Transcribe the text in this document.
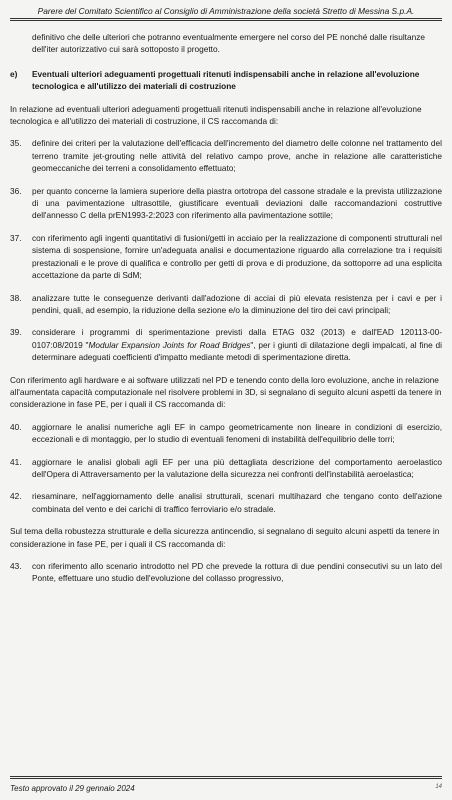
Parere del Comitato Scientifico al Consiglio di Amministrazione della società Stretto di Messina S.p.A.
definitivo che delle ulteriori che potranno eventualmente emergere nel corso del PE nonché dalle risultanze dell'iter autorizzativo cui sarà sottoposto il progetto.
e)	Eventuali ulteriori adeguamenti progettuali ritenuti indispensabili anche in relazione all'evoluzione tecnologica e all'utilizzo dei materiali di costruzione
In relazione ad eventuali ulteriori adeguamenti progettuali ritenuti indispensabili anche in relazione all'evoluzione tecnologica e all'utilizzo dei materiali di costruzione, il CS raccomanda di:
35.	definire dei criteri per la valutazione dell'efficacia dell'incremento del diametro delle colonne nel trattamento del terreno tramite jet-grouting nelle attività del relativo campo prove, anche in relazione alle caratteristiche geomeccaniche dei terreni a consolidamento effettuato;
36.	per quanto concerne la lamiera superiore della piastra ortotropa del cassone stradale e la prevista utilizzazione di una pavimentazione ultrasottile, giustificare eventuali deviazioni dalle raccomandazioni costruttive dell'annesso C della prEN1993-2:2023 con riferimento alla pavimentazione sottile;
37.	con riferimento agli ingenti quantitativi di fusioni/getti in acciaio per la realizzazione di componenti strutturali nel sistema di sospensione, fornire un'adeguata analisi e documentazione riguardo alla correlazione tra i requisiti prestazionali e le prove di qualifica e controllo per getti di prova e di produzione, da sottoporre ad una esplicita accettazione da parte di SdM;
38.	analizzare tutte le conseguenze derivanti dall'adozione di acciai di più elevata resistenza per i cavi e per i pendini, quali, ad esempio, la riduzione della sezione e/o la diminuzione del tiro dei cavi principali;
39.	considerare i programmi di sperimentazione previsti dalla ETAG 032 (2013) e dall'EAD 120113-00-0107:08/2019 "Modular Expansion Joints for Road Bridges", per i giunti di dilatazione degli impalcati, al fine di determinare adeguati coefficienti d'impatto mediante metodi di sperimentazione diretta.
Con riferimento agli hardware e ai software utilizzati nel PD e tenendo conto della loro evoluzione, anche in relazione all'aumentata capacità computazionale nel risolvere problemi in 3D, si segnalano di seguito alcuni aspetti da tenere in considerazione in fase PE, per i quali il CS raccomanda di:
40.	aggiornare le analisi numeriche agli EF in campo geometricamente non lineare in condizioni di esercizio, eccezionali e di montaggio, per lo studio di eventuali fenomeni di instabilità dell'equilibrio delle torri;
41.	aggiornare le analisi globali agli EF per una più dettagliata descrizione del comportamento aeroelastico dell'Opera di Attraversamento per la valutazione della sicurezza nei confronti dell'instabilità aeroelastica;
42.	riesaminare, nell'aggiornamento delle analisi strutturali, scenari multihazard che tengano conto dell'azione combinata del vento e dei carichi di traffico ferroviario e/o stradale.
Sul tema della robustezza strutturale e della sicurezza antincendio, si segnalano di seguito alcuni aspetti da tenere in considerazione in fase PE, per i quali il CS raccomanda di:
43.	con riferimento allo scenario introdotto nel PD che prevede la rottura di due pendini consecutivi su un lato del Ponte, effettuare uno studio dell'evoluzione del collasso progressivo,
Testo approvato il 29 gennaio 2024	14
